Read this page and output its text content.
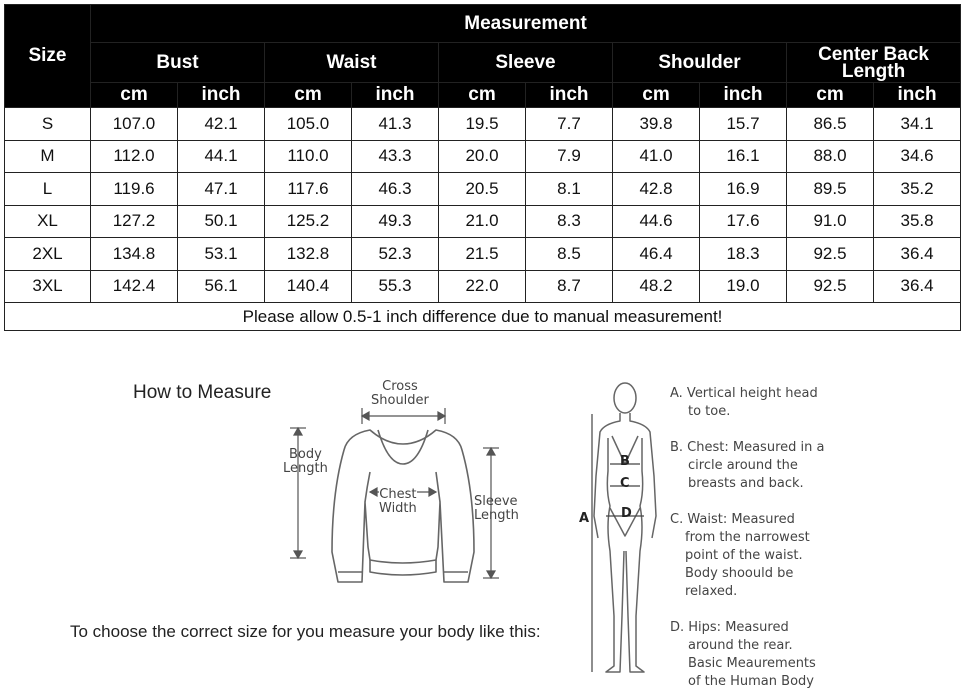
Size	Measurement									
	Bust		Waist		Sleeve		Shoulder		Center Back Length	
	cm	inch	cm	inch	cm	inch	cm	inch	cm	inch
S	107.0	42.1	105.0	41.3	19.5	7.7	39.8	15.7	86.5	34.1
M	112.0	44.1	110.0	43.3	20.0	7.9	41.0	16.1	88.0	34.6
L	119.6	47.1	117.6	46.3	20.5	8.1	42.8	16.9	89.5	35.2
XL	127.2	50.1	125.2	49.3	21.0	8.3	44.6	17.6	91.0	35.8
2XL	134.8	53.1	132.8	52.3	21.5	8.5	46.4	18.3	92.5	36.4
3XL	142.4	56.1	140.4	55.3	22.0	8.7	48.2	19.0	92.5	36.4
Please allow 0.5-1 inch difference due to manual measurement!										
How to Measure	Cross
Shoulder
Body
Length
Chest
Width	Sleeve
Length
To choose the correct size for you measure your body like this:
A
B
C
D
A. Vertical height head
to toe.
B. Chest: Measured in a
circle around the
breasts and back.
C. Waist: Measured
from the narrowest
point of the waist.
Body shoould be
relaxed.
D. Hips: Measured
around the rear.
Basic Meaurements
of the Human Body
